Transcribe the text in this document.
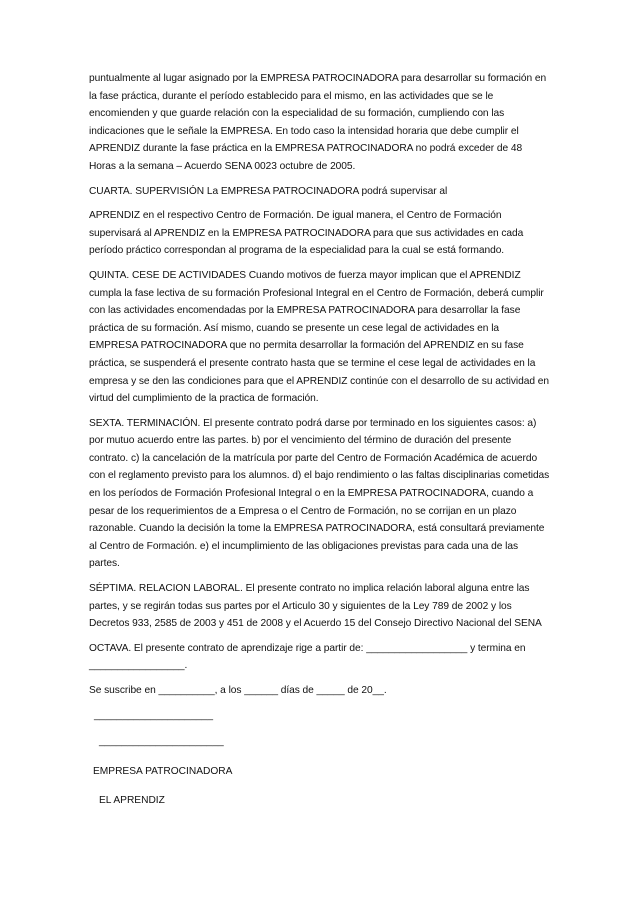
puntualmente al lugar asignado por la EMPRESA PATROCINADORA para desarrollar su formación en la fase práctica, durante el período establecido para el mismo, en las actividades que se le encomienden y que guarde relación con la especialidad de su formación, cumpliendo con las indicaciones que le señale la EMPRESA. En todo caso la intensidad horaria que debe cumplir el APRENDIZ durante la fase práctica en la EMPRESA PATROCINADORA no podrá exceder de 48 Horas a la semana – Acuerdo SENA 0023 octubre de 2005.

CUARTA. SUPERVISIÓN La EMPRESA PATROCINADORA podrá supervisar al

APRENDIZ en el respectivo Centro de Formación. De igual manera, el Centro de Formación supervisará al APRENDIZ en la EMPRESA PATROCINADORA para que sus actividades en cada período práctico correspondan al programa de la especialidad para la cual se está formando.

QUINTA. CESE DE ACTIVIDADES Cuando motivos de fuerza mayor implican que el APRENDIZ cumpla la fase lectiva de su formación Profesional Integral en el Centro de Formación, deberá cumplir con las actividades encomendadas por la EMPRESA PATROCINADORA para desarrollar la fase práctica de su formación. Así mismo, cuando se presente un cese legal de actividades en la EMPRESA PATROCINADORA que no permita desarrollar la formación del APRENDIZ en su fase práctica, se suspenderá el presente contrato hasta que se termine el cese legal de actividades en la empresa y se den las condiciones para que el APRENDIZ continúe con el desarrollo de su actividad en virtud del cumplimiento de la practica de formación.

SEXTA. TERMINACIÓN. El presente contrato podrá darse por terminado en los siguientes casos: a) por mutuo acuerdo entre las partes. b) por el vencimiento del término de duración del presente contrato. c) la cancelación de la matrícula por parte del Centro de Formación Académica de acuerdo con el reglamento previsto para los alumnos. d) el bajo rendimiento o las faltas disciplinarias cometidas en los períodos de Formación Profesional Integral o en la EMPRESA PATROCINADORA, cuando a pesar de los requerimientos de a Empresa o el Centro de Formación, no se corrijan en un plazo razonable. Cuando la decisión la tome la EMPRESA PATROCINADORA, está consultará previamente al Centro de Formación. e) el incumplimiento de las obligaciones previstas para cada una de las partes.

SÉPTIMA. RELACION LABORAL. El presente contrato no implica relación laboral alguna entre las partes, y se regirán todas sus partes por el Articulo 30 y siguientes de la Ley 789 de 2002 y los Decretos 933, 2585 de 2003 y 451 de 2008 y el Acuerdo 15 del Consejo Directivo Nacional del SENA

OCTAVA. El presente contrato de aprendizaje rige a partir de: __________________ y termina en _________________.

Se suscribe en __________, a los ______ días de _____ de 20__.

_____________________

______________________

EMPRESA PATROCINADORA

EL APRENDIZ
